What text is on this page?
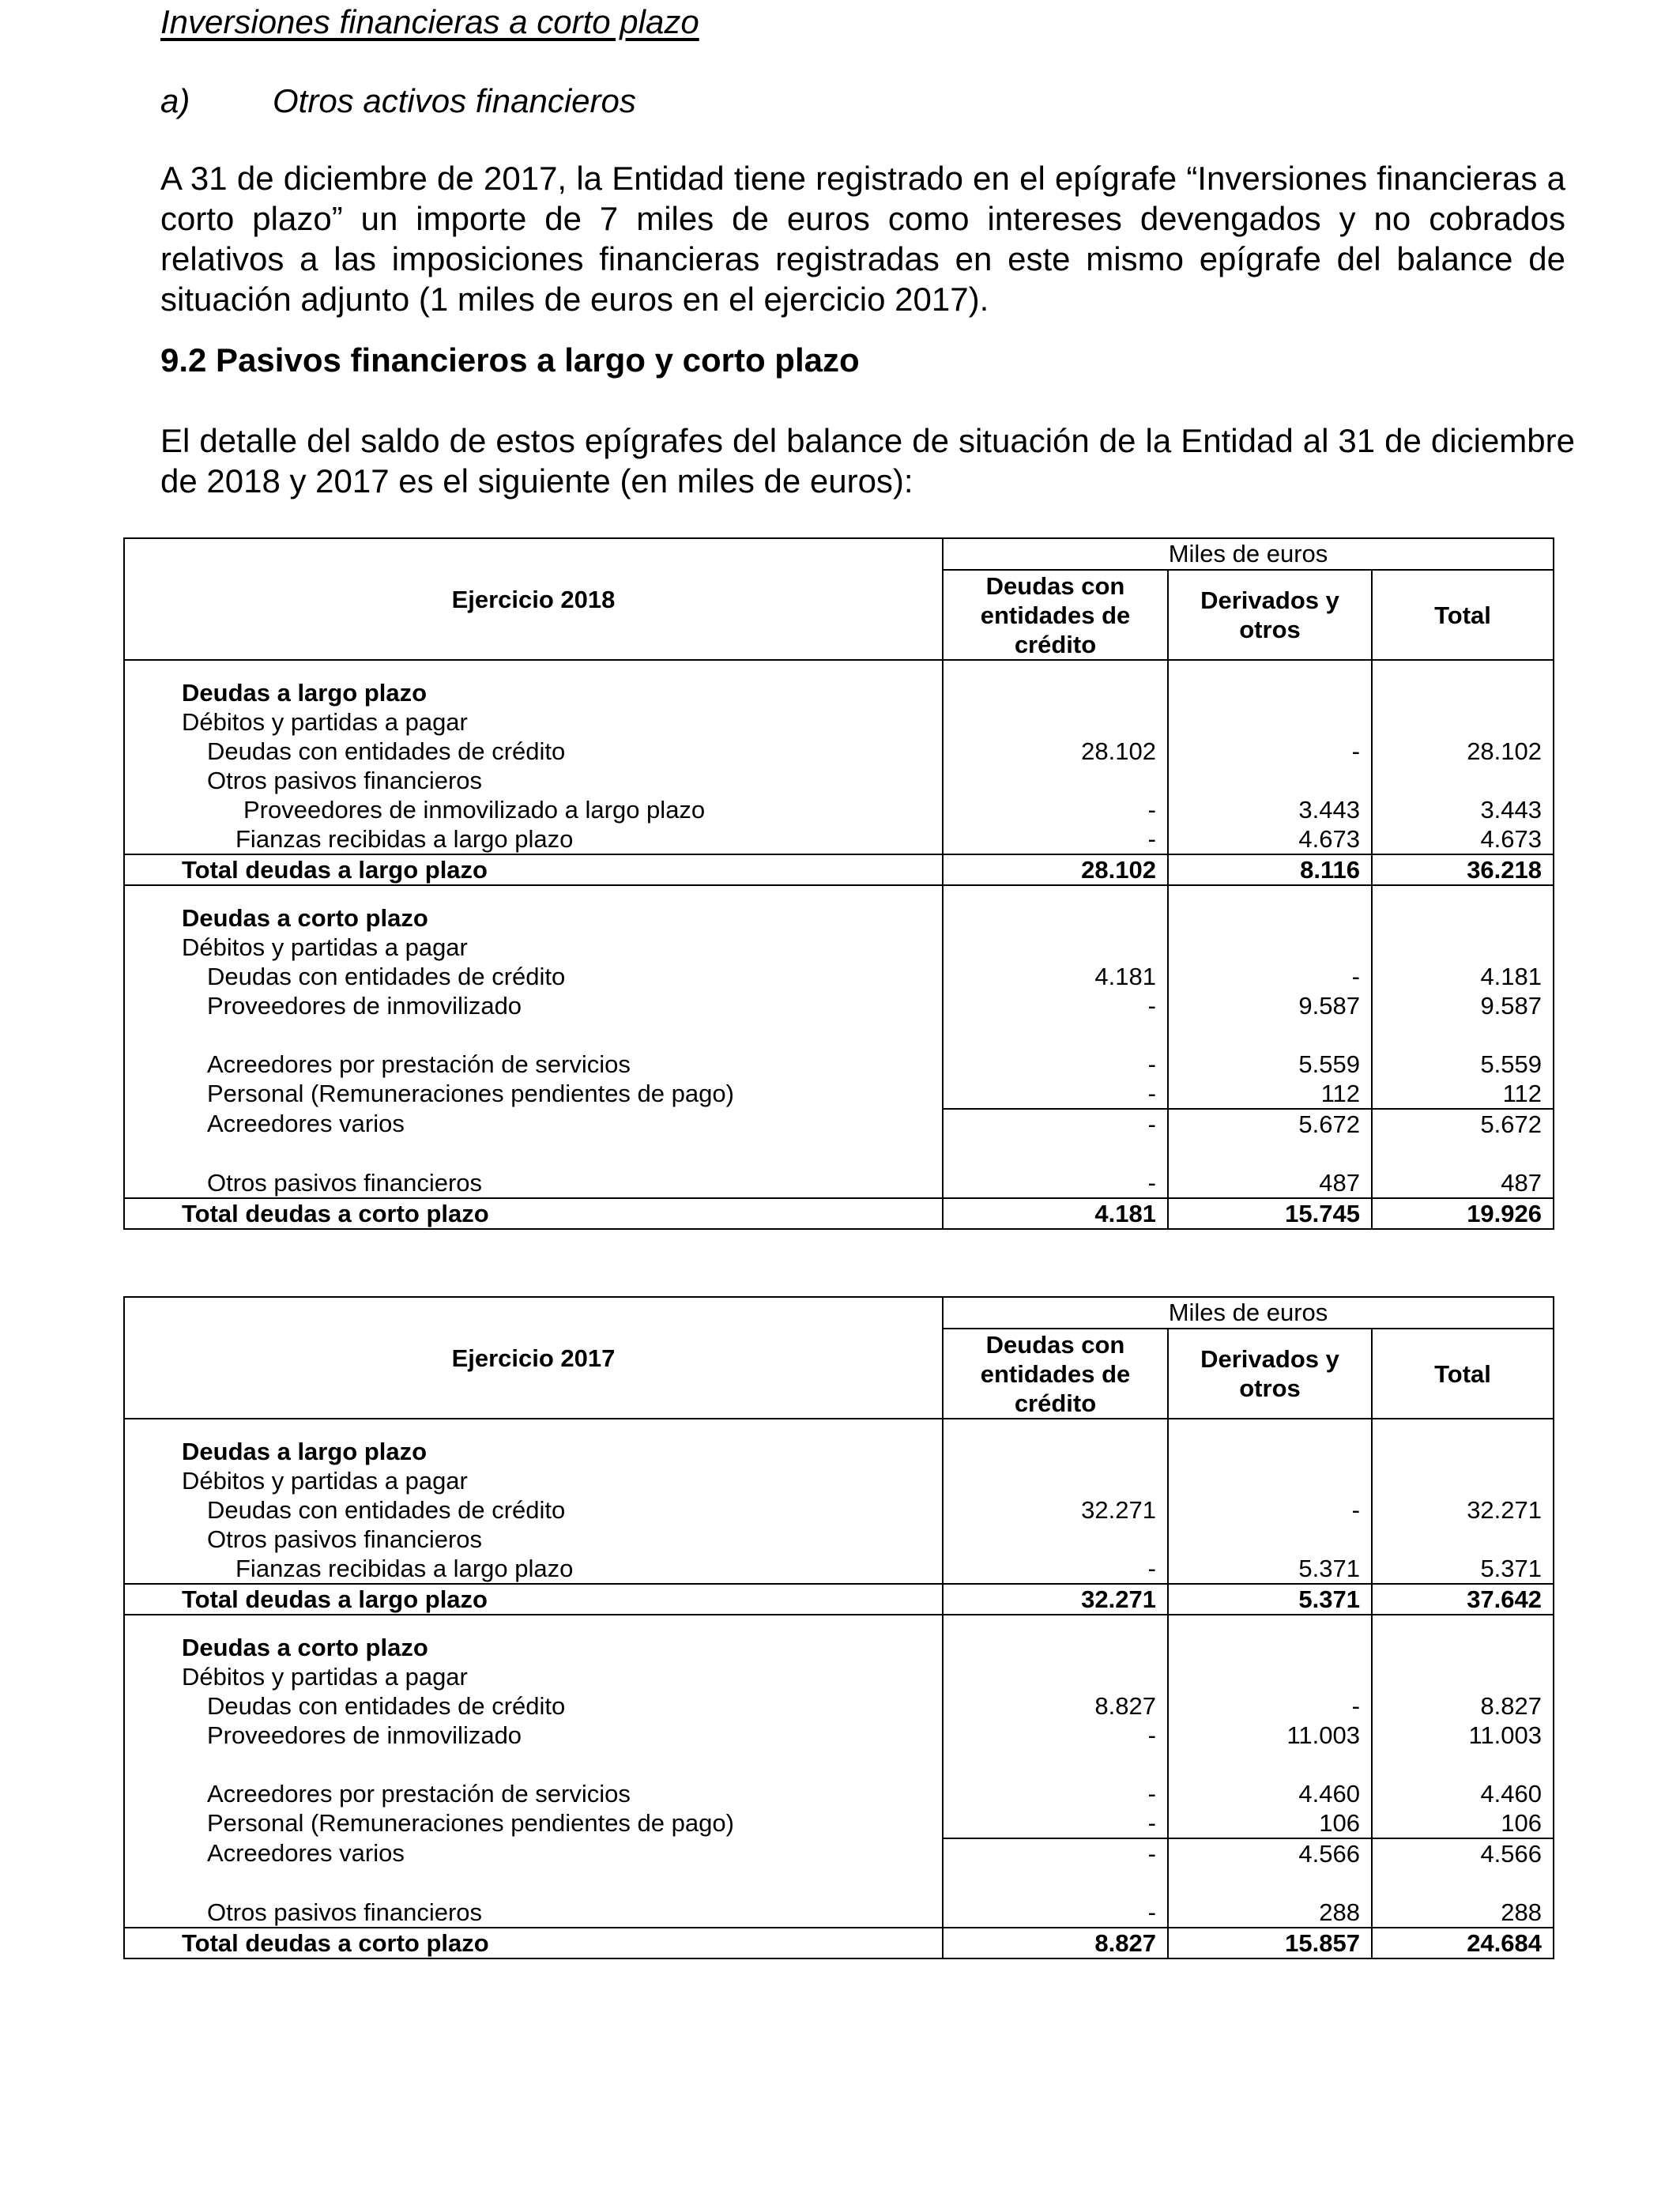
Inversiones financieras a corto plazo
a) Otros activos financieros
A 31 de diciembre de 2017, la Entidad tiene registrado en el epígrafe “Inversiones financieras a corto plazo” un importe de 7 miles de euros como intereses devengados y no cobrados relativos a las imposiciones financieras registradas en este mismo epígrafe del balance de situación adjunto (1 miles de euros en el ejercicio 2017).
9.2 Pasivos financieros a largo y corto plazo
El detalle del saldo de estos epígrafes del balance de situación de la Entidad al 31 de diciembre de 2018 y 2017 es el siguiente (en miles de euros):
Ejercicio 2018	Miles de euros		
	Deudas con entidades de crédito	Derivados y otros	Total

Deudas a largo plazo			
Débitos y partidas a pagar			
Deudas con entidades de crédito	28.102	-	28.102
Otros pasivos financieros			
Proveedores de inmovilizado a largo plazo	-	3.443	3.443
Fianzas recibidas a largo plazo	-	4.673	4.673
Total deudas a largo plazo	28.102	8.116	36.218

Deudas a corto plazo			
Débitos y partidas a pagar			
Deudas con entidades de crédito	4.181	-	4.181
Proveedores de inmovilizado	-	9.587	9.587

Acreedores por prestación de servicios	-	5.559	5.559
Personal (Remuneraciones pendientes de pago)	-	112	112
Acreedores varios	-	5.672	5.672

Otros pasivos financieros	-	487	487
Total deudas a corto plazo	4.181	15.745	19.926
Ejercicio 2017	Miles de euros		
	Deudas con entidades de crédito	Derivados y otros	Total

Deudas a largo plazo			
Débitos y partidas a pagar			
Deudas con entidades de crédito	32.271	-	32.271
Otros pasivos financieros			
Fianzas recibidas a largo plazo	-	5.371	5.371
Total deudas a largo plazo	32.271	5.371	37.642

Deudas a corto plazo			
Débitos y partidas a pagar			
Deudas con entidades de crédito	8.827	-	8.827
Proveedores de inmovilizado	-	11.003	11.003

Acreedores por prestación de servicios	-	4.460	4.460
Personal (Remuneraciones pendientes de pago)	-	106	106
Acreedores varios	-	4.566	4.566

Otros pasivos financieros	-	288	288
Total deudas a corto plazo	8.827	15.857	24.684
